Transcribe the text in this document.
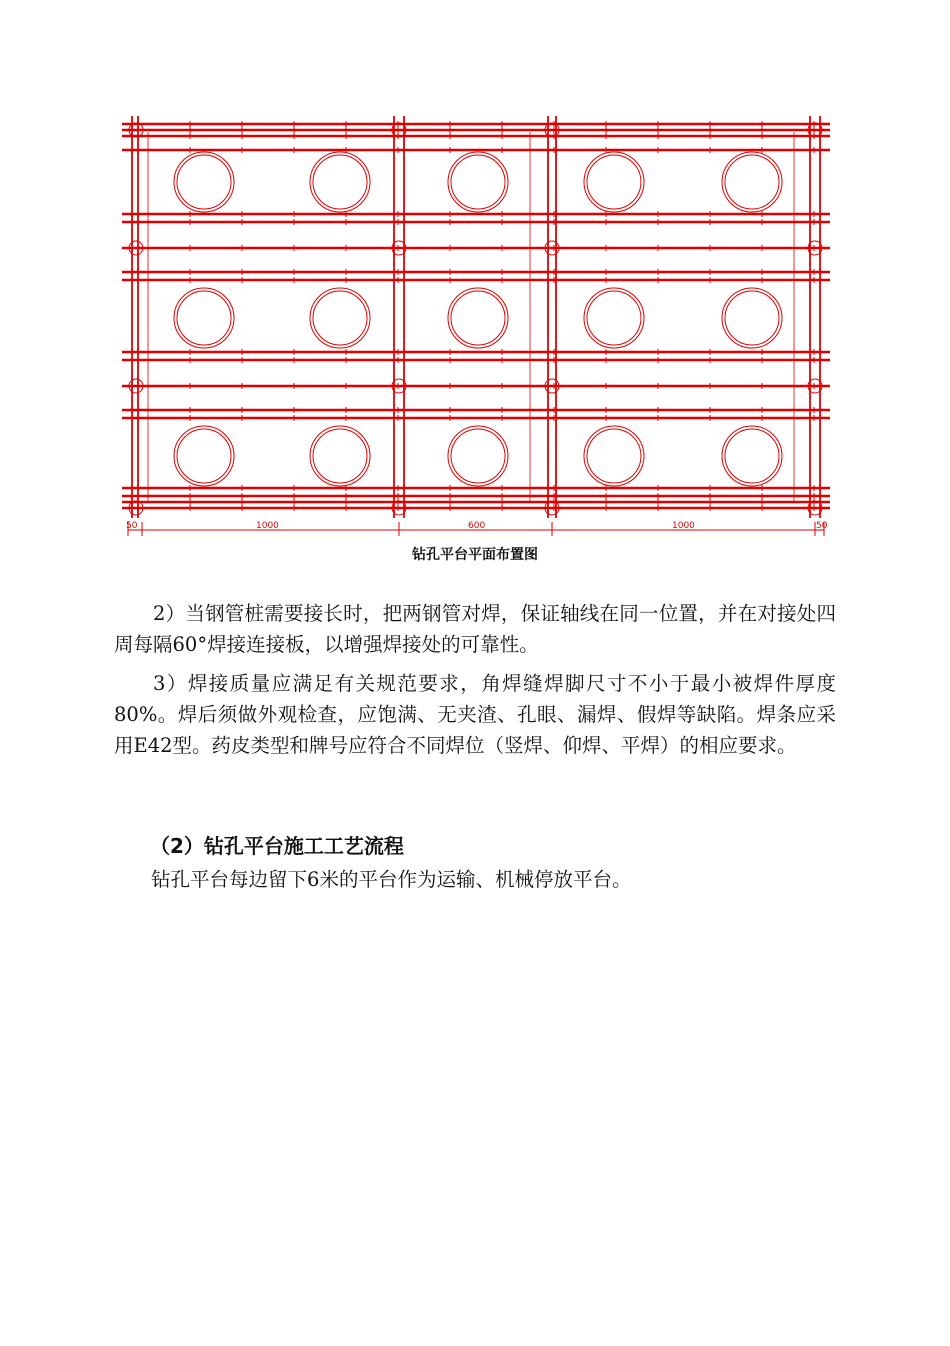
50	1000	600	1000	50
钻孔平台平面布置图

2）当钢管桩需要接长时，把两钢管对焊，保证轴线在同一位置，并在对接处四周每隔60°焊接连接板，以增强焊接处的可靠性。

3）焊接质量应满足有关规范要求，角焊缝焊脚尺寸不小于最小被焊件厚度80%。焊后须做外观检查，应饱满、无夹渣、孔眼、漏焊、假焊等缺陷。焊条应采用E42型。药皮类型和牌号应符合不同焊位（竖焊、仰焊、平焊）的相应要求。

（2）钻孔平台施工工艺流程

钻孔平台每边留下6米的平台作为运输、机械停放平台。
